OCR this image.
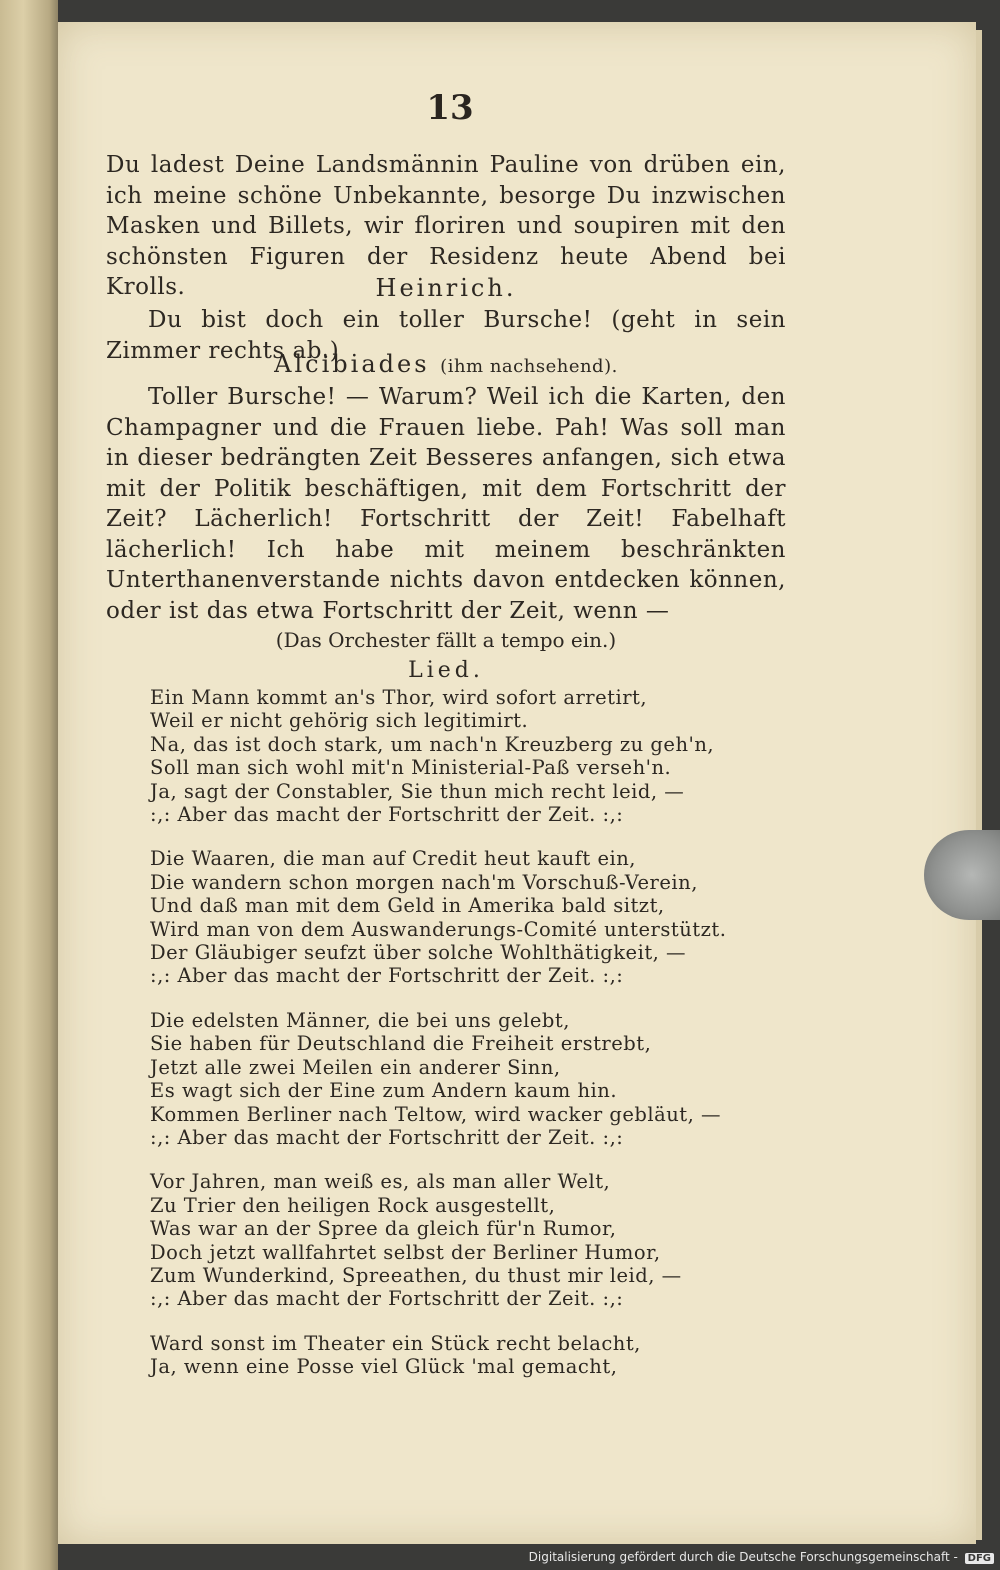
13

Du ladest Deine Landsmännin Pauline von drüben ein, ich meine schöne Unbekannte, besorge Du inzwischen Masken und Billets, wir floriren und soupiren mit den schönsten Figuren der Residenz heute Abend bei Krolls.	Heinrich.

Du bist doch ein toller Bursche! (geht in sein Zimmer rechts ab.)

Alcibiades (ihm nachsehend).

Toller Bursche! — Warum? Weil ich die Karten, den Champagner und die Frauen liebe. Pah! Was soll man in dieser bedrängten Zeit Besseres anfangen, sich etwa mit der Politik beschäftigen, mit dem Fortschritt der Zeit? Lächerlich! Fortschritt der Zeit! Fabelhaft lächerlich! Ich habe mit meinem beschränkten Unterthanenverstande nichts davon entdecken können, oder ist das etwa Fortschritt der Zeit, wenn —

(Das Orchester fällt a tempo ein.)
Lied.
Ein Mann kommt an's Thor, wird sofort arretirt,
Weil er nicht gehörig sich legitimirt.
Na, das ist doch stark, um nach'n Kreuzberg zu geh'n,
Soll man sich wohl mit'n Ministerial-Paß verseh'n.
Ja, sagt der Constabler, Sie thun mich recht leid, —
:,: Aber das macht der Fortschritt der Zeit. :,:
Die Waaren, die man auf Credit heut kauft ein,
Die wandern schon morgen nach'm Vorschuß-Verein,
Und daß man mit dem Geld in Amerika bald sitzt,
Wird man von dem Auswanderungs-Comité unterstützt.
Der Gläubiger seufzt über solche Wohlthätigkeit, —
:,: Aber das macht der Fortschritt der Zeit. :,:
Die edelsten Männer, die bei uns gelebt,
Sie haben für Deutschland die Freiheit erstrebt,
Jetzt alle zwei Meilen ein anderer Sinn,
Es wagt sich der Eine zum Andern kaum hin.
Kommen Berliner nach Teltow, wird wacker gebläut, —
:,: Aber das macht der Fortschritt der Zeit. :,:
Vor Jahren, man weiß es, als man aller Welt,
Zu Trier den heiligen Rock ausgestellt,
Was war an der Spree da gleich für'n Rumor,
Doch jetzt wallfahrtet selbst der Berliner Humor,
Zum Wunderkind, Spreeathen, du thust mir leid, —
:,: Aber das macht der Fortschritt der Zeit. :,:
Ward sonst im Theater ein Stück recht belacht,
Ja, wenn eine Posse viel Glück 'mal gemacht,
Digitalisierung gefördert durch die Deutsche Forschungsgemeinschaft - DFG
